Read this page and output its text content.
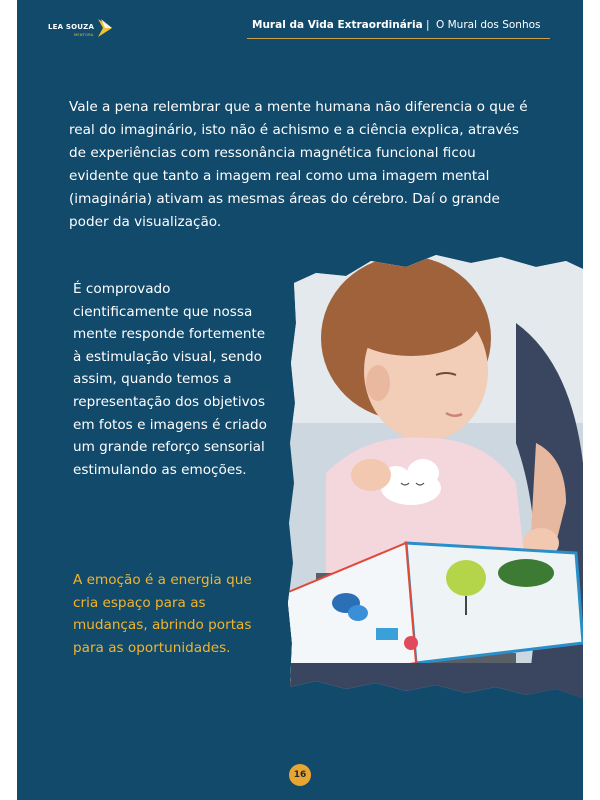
LEA SOUZA
MENTORA
Mural da Vida Extraordinária | O Mural dos Sonhos

Vale a pena relembrar que a mente humana não diferencia o que é real do imaginário, isto não é achismo e a ciência explica, através de experiências com ressonância magnética funcional ficou evidente que tanto a imagem real como uma imagem mental (imaginária) ativam as mesmas áreas do cérebro. Daí o grande poder da visualização.

É comprovado cientificamente que nossa mente responde fortemente à estimulação visual, sendo assim, quando temos a representação dos objetivos em fotos e imagens é criado um grande reforço sensorial estimulando as emoções.

A emoção é a energia que cria espaço para as mudanças, abrindo portas para as oportunidades.

16
